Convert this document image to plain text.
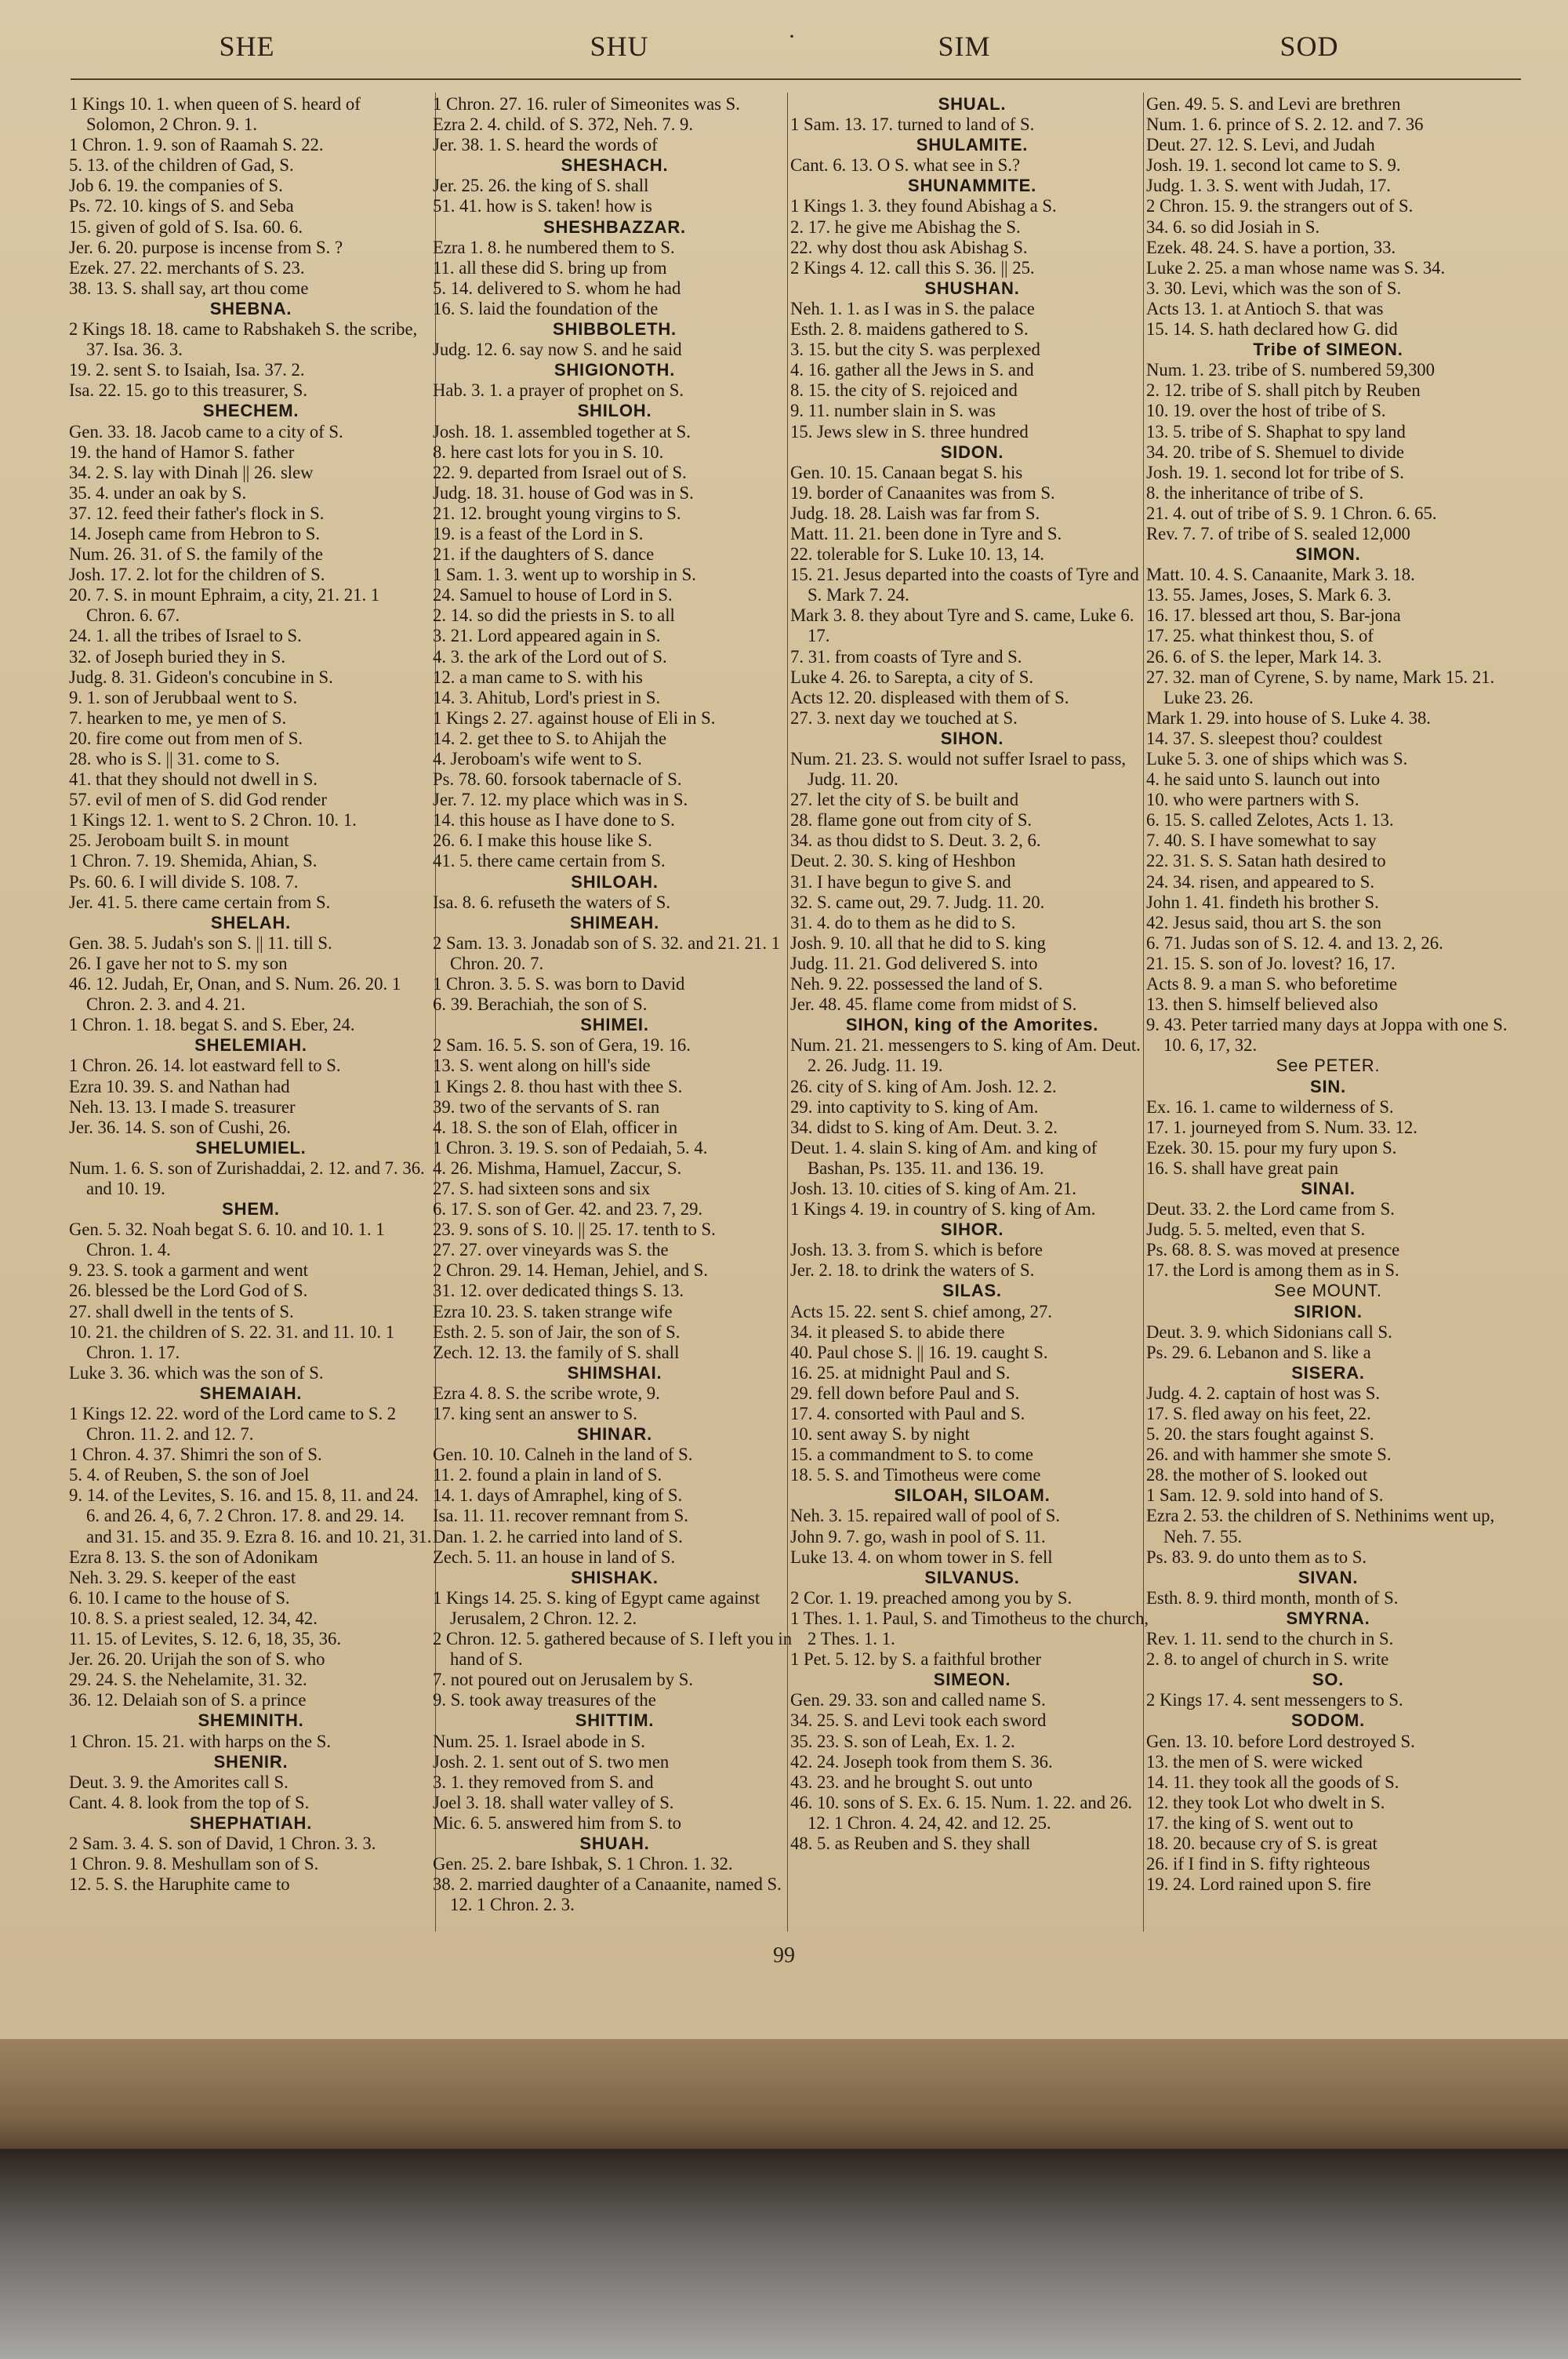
SHE	SHU	SIM	SOD
·
1 Kings 10. 1. when queen of S. heard of Solomon, 2 Chron. 9. 1.
1 Chron. 1. 9. son of Raamah S. 22.
5. 13. of the children of Gad, S.
Job 6. 19. the companies of S.
Ps. 72. 10. kings of S. and Seba
15. given of gold of S. Isa. 60. 6.
Jer. 6. 20. purpose is incense from S. ?
Ezek. 27. 22. merchants of S. 23.
38. 13. S. shall say, art thou come
SHEBNA.
2 Kings 18. 18. came to Rabshakeh S. the scribe, 37. Isa. 36. 3.
19. 2. sent S. to Isaiah, Isa. 37. 2.
Isa. 22. 15. go to this treasurer, S.
SHECHEM.
Gen. 33. 18. Jacob came to a city of S.
19. the hand of Hamor S. father
34. 2. S. lay with Dinah || 26. slew
35. 4. under an oak by S.
37. 12. feed their father's flock in S.
14. Joseph came from Hebron to S.
Num. 26. 31. of S. the family of the
Josh. 17. 2. lot for the children of S.
20. 7. S. in mount Ephraim, a city, 21. 21. 1 Chron. 6. 67.
24. 1. all the tribes of Israel to S.
32. of Joseph buried they in S.
Judg. 8. 31. Gideon's concubine in S.
9. 1. son of Jerubbaal went to S.
7. hearken to me, ye men of S.
20. fire come out from men of S.
28. who is S. || 31. come to S.
41. that they should not dwell in S.
57. evil of men of S. did God render
1 Kings 12. 1. went to S. 2 Chron. 10. 1.
25. Jeroboam built S. in mount
1 Chron. 7. 19. Shemida, Ahian, S.
Ps. 60. 6. I will divide S. 108. 7.
Jer. 41. 5. there came certain from S.
SHELAH.
Gen. 38. 5. Judah's son S. || 11. till S.
26. I gave her not to S. my son
46. 12. Judah, Er, Onan, and S. Num. 26. 20. 1 Chron. 2. 3. and 4. 21.
1 Chron. 1. 18. begat S. and S. Eber, 24.
SHELEMIAH.
1 Chron. 26. 14. lot eastward fell to S.
Ezra 10. 39. S. and Nathan had
Neh. 13. 13. I made S. treasurer
Jer. 36. 14. S. son of Cushi, 26.
SHELUMIEL.
Num. 1. 6. S. son of Zurishaddai, 2. 12. and 7. 36. and 10. 19.
SHEM.
Gen. 5. 32. Noah begat S. 6. 10. and 10. 1. 1 Chron. 1. 4.
9. 23. S. took a garment and went
26. blessed be the Lord God of S.
27. shall dwell in the tents of S.
10. 21. the children of S. 22. 31. and 11. 10. 1 Chron. 1. 17.
Luke 3. 36. which was the son of S.
SHEMAIAH.
1 Kings 12. 22. word of the Lord came to S. 2 Chron. 11. 2. and 12. 7.
1 Chron. 4. 37. Shimri the son of S.
5. 4. of Reuben, S. the son of Joel
9. 14. of the Levites, S. 16. and 15. 8, 11. and 24. 6. and 26. 4, 6, 7. 2 Chron. 17. 8. and 29. 14. and 31. 15. and 35. 9. Ezra 8. 16. and 10. 21, 31.
Ezra 8. 13. S. the son of Adonikam
Neh. 3. 29. S. keeper of the east
6. 10. I came to the house of S.
10. 8. S. a priest sealed, 12. 34, 42.
11. 15. of Levites, S. 12. 6, 18, 35, 36.
Jer. 26. 20. Urijah the son of S. who
29. 24. S. the Nehelamite, 31. 32.
36. 12. Delaiah son of S. a prince
SHEMINITH.
1 Chron. 15. 21. with harps on the S.
SHENIR.
Deut. 3. 9. the Amorites call S.
Cant. 4. 8. look from the top of S.
SHEPHATIAH.
2 Sam. 3. 4. S. son of David, 1 Chron. 3. 3.
1 Chron. 9. 8. Meshullam son of S.
12. 5. S. the Haruphite came to
1 Chron. 27. 16. ruler of Simeonites was S.
Ezra 2. 4. child. of S. 372, Neh. 7. 9.
Jer. 38. 1. S. heard the words of
SHESHACH.
Jer. 25. 26. the king of S. shall
51. 41. how is S. taken! how is
SHESHBAZZAR.
Ezra 1. 8. he numbered them to S.
11. all these did S. bring up from
5. 14. delivered to S. whom he had
16. S. laid the foundation of the
SHIBBOLETH.
Judg. 12. 6. say now S. and he said
SHIGIONOTH.
Hab. 3. 1. a prayer of prophet on S.
SHILOH.
Josh. 18. 1. assembled together at S.
8. here cast lots for you in S. 10.
22. 9. departed from Israel out of S.
Judg. 18. 31. house of God was in S.
21. 12. brought young virgins to S.
19. is a feast of the Lord in S.
21. if the daughters of S. dance
1 Sam. 1. 3. went up to worship in S.
24. Samuel to house of Lord in S.
2. 14. so did the priests in S. to all
3. 21. Lord appeared again in S.
4. 3. the ark of the Lord out of S.
12. a man came to S. with his
14. 3. Ahitub, Lord's priest in S.
1 Kings 2. 27. against house of Eli in S.
14. 2. get thee to S. to Ahijah the
4. Jeroboam's wife went to S.
Ps. 78. 60. forsook tabernacle of S.
Jer. 7. 12. my place which was in S.
14. this house as I have done to S.
26. 6. I make this house like S.
41. 5. there came certain from S.
SHILOAH.
Isa. 8. 6. refuseth the waters of S.
SHIMEAH.
2 Sam. 13. 3. Jonadab son of S. 32. and 21. 21. 1 Chron. 20. 7.
1 Chron. 3. 5. S. was born to David
6. 39. Berachiah, the son of S.
SHIMEI.
2 Sam. 16. 5. S. son of Gera, 19. 16.
13. S. went along on hill's side
1 Kings 2. 8. thou hast with thee S.
39. two of the servants of S. ran
4. 18. S. the son of Elah, officer in
1 Chron. 3. 19. S. son of Pedaiah, 5. 4.
4. 26. Mishma, Hamuel, Zaccur, S.
27. S. had sixteen sons and six
6. 17. S. son of Ger. 42. and 23. 7, 29.
23. 9. sons of S. 10. || 25. 17. tenth to S.
27. 27. over vineyards was S. the
2 Chron. 29. 14. Heman, Jehiel, and S.
31. 12. over dedicated things S. 13.
Ezra 10. 23. S. taken strange wife
Esth. 2. 5. son of Jair, the son of S.
Zech. 12. 13. the family of S. shall
SHIMSHAI.
Ezra 4. 8. S. the scribe wrote, 9.
17. king sent an answer to S.
SHINAR.
Gen. 10. 10. Calneh in the land of S.
11. 2. found a plain in land of S.
14. 1. days of Amraphel, king of S.
Isa. 11. 11. recover remnant from S.
Dan. 1. 2. he carried into land of S.
Zech. 5. 11. an house in land of S.
SHISHAK.
1 Kings 14. 25. S. king of Egypt came against Jerusalem, 2 Chron. 12. 2.
2 Chron. 12. 5. gathered because of S. I left you in hand of S.
7. not poured out on Jerusalem by S.
9. S. took away treasures of the
SHITTIM.
Num. 25. 1. Israel abode in S.
Josh. 2. 1. sent out of S. two men
3. 1. they removed from S. and
Joel 3. 18. shall water valley of S.
Mic. 6. 5. answered him from S. to
SHUAH.
Gen. 25. 2. bare Ishbak, S. 1 Chron. 1. 32.
38. 2. married daughter of a Canaanite, named S. 12. 1 Chron. 2. 3.
SHUAL.
1 Sam. 13. 17. turned to land of S.
SHULAMITE.
Cant. 6. 13. O S. what see in S.?
SHUNAMMITE.
1 Kings 1. 3. they found Abishag a S.
2. 17. he give me Abishag the S.
22. why dost thou ask Abishag S.
2 Kings 4. 12. call this S. 36. || 25.
SHUSHAN.
Neh. 1. 1. as I was in S. the palace
Esth. 2. 8. maidens gathered to S.
3. 15. but the city S. was perplexed
4. 16. gather all the Jews in S. and
8. 15. the city of S. rejoiced and
9. 11. number slain in S. was
15. Jews slew in S. three hundred
SIDON.
Gen. 10. 15. Canaan begat S. his
19. border of Canaanites was from S.
Judg. 18. 28. Laish was far from S.
Matt. 11. 21. been done in Tyre and S.
22. tolerable for S. Luke 10. 13, 14.
15. 21. Jesus departed into the coasts of Tyre and S. Mark 7. 24.
Mark 3. 8. they about Tyre and S. came, Luke 6. 17.
7. 31. from coasts of Tyre and S.
Luke 4. 26. to Sarepta, a city of S.
Acts 12. 20. displeased with them of S.
27. 3. next day we touched at S.
SIHON.
Num. 21. 23. S. would not suffer Israel to pass, Judg. 11. 20.
27. let the city of S. be built and
28. flame gone out from city of S.
34. as thou didst to S. Deut. 3. 2, 6.
Deut. 2. 30. S. king of Heshbon
31. I have begun to give S. and
32. S. came out, 29. 7. Judg. 11. 20.
31. 4. do to them as he did to S.
Josh. 9. 10. all that he did to S. king
Judg. 11. 21. God delivered S. into
Neh. 9. 22. possessed the land of S.
Jer. 48. 45. flame come from midst of S.
SIHON, king of the Amorites.
Num. 21. 21. messengers to S. king of Am. Deut. 2. 26. Judg. 11. 19.
26. city of S. king of Am. Josh. 12. 2.
29. into captivity to S. king of Am.
34. didst to S. king of Am. Deut. 3. 2.
Deut. 1. 4. slain S. king of Am. and king of Bashan, Ps. 135. 11. and 136. 19.
Josh. 13. 10. cities of S. king of Am. 21.
1 Kings 4. 19. in country of S. king of Am.
SIHOR.
Josh. 13. 3. from S. which is before
Jer. 2. 18. to drink the waters of S.
SILAS.
Acts 15. 22. sent S. chief among, 27.
34. it pleased S. to abide there
40. Paul chose S. || 16. 19. caught S.
16. 25. at midnight Paul and S.
29. fell down before Paul and S.
17. 4. consorted with Paul and S.
10. sent away S. by night
15. a commandment to S. to come
18. 5. S. and Timotheus were come
SILOAH, SILOAM.
Neh. 3. 15. repaired wall of pool of S.
John 9. 7. go, wash in pool of S. 11.
Luke 13. 4. on whom tower in S. fell
SILVANUS.
2 Cor. 1. 19. preached among you by S.
1 Thes. 1. 1. Paul, S. and Timotheus to the church, 2 Thes. 1. 1.
1 Pet. 5. 12. by S. a faithful brother
SIMEON.
Gen. 29. 33. son and called name S.
34. 25. S. and Levi took each sword
35. 23. S. son of Leah, Ex. 1. 2.
42. 24. Joseph took from them S. 36.
43. 23. and he brought S. out unto
46. 10. sons of S. Ex. 6. 15. Num. 1. 22. and 26. 12. 1 Chron. 4. 24, 42. and 12. 25.
48. 5. as Reuben and S. they shall
Gen. 49. 5. S. and Levi are brethren
Num. 1. 6. prince of S. 2. 12. and 7. 36
Deut. 27. 12. S. Levi, and Judah
Josh. 19. 1. second lot came to S. 9.
Judg. 1. 3. S. went with Judah, 17.
2 Chron. 15. 9. the strangers out of S.
34. 6. so did Josiah in S.
Ezek. 48. 24. S. have a portion, 33.
Luke 2. 25. a man whose name was S. 34.
3. 30. Levi, which was the son of S.
Acts 13. 1. at Antioch S. that was
15. 14. S. hath declared how G. did
Tribe of SIMEON.
Num. 1. 23. tribe of S. numbered 59,300
2. 12. tribe of S. shall pitch by Reuben
10. 19. over the host of tribe of S.
13. 5. tribe of S. Shaphat to spy land
34. 20. tribe of S. Shemuel to divide
Josh. 19. 1. second lot for tribe of S.
8. the inheritance of tribe of S.
21. 4. out of tribe of S. 9. 1 Chron. 6. 65.
Rev. 7. 7. of tribe of S. sealed 12,000
SIMON.
Matt. 10. 4. S. Canaanite, Mark 3. 18.
13. 55. James, Joses, S. Mark 6. 3.
16. 17. blessed art thou, S. Bar-jona
17. 25. what thinkest thou, S. of
26. 6. of S. the leper, Mark 14. 3.
27. 32. man of Cyrene, S. by name, Mark 15. 21. Luke 23. 26.
Mark 1. 29. into house of S. Luke 4. 38.
14. 37. S. sleepest thou? couldest
Luke 5. 3. one of ships which was S.
4. he said unto S. launch out into
10. who were partners with S.
6. 15. S. called Zelotes, Acts 1. 13.
7. 40. S. I have somewhat to say
22. 31. S. S. Satan hath desired to
24. 34. risen, and appeared to S.
John 1. 41. findeth his brother S.
42. Jesus said, thou art S. the son
6. 71. Judas son of S. 12. 4. and 13. 2, 26.
21. 15. S. son of Jo. lovest? 16, 17.
Acts 8. 9. a man S. who beforetime
13. then S. himself believed also
9. 43. Peter tarried many days at Joppa with one S. 10. 6, 17, 32.
See PETER.
SIN.
Ex. 16. 1. came to wilderness of S.
17. 1. journeyed from S. Num. 33. 12.
Ezek. 30. 15. pour my fury upon S.
16. S. shall have great pain
SINAI.
Deut. 33. 2. the Lord came from S.
Judg. 5. 5. melted, even that S.
Ps. 68. 8. S. was moved at presence
17. the Lord is among them as in S.
See MOUNT.
SIRION.
Deut. 3. 9. which Sidonians call S.
Ps. 29. 6. Lebanon and S. like a
SISERA.
Judg. 4. 2. captain of host was S.
17. S. fled away on his feet, 22.
5. 20. the stars fought against S.
26. and with hammer she smote S.
28. the mother of S. looked out
1 Sam. 12. 9. sold into hand of S.
Ezra 2. 53. the children of S. Nethinims went up, Neh. 7. 55.
Ps. 83. 9. do unto them as to S.
SIVAN.
Esth. 8. 9. third month, month of S.
SMYRNA.
Rev. 1. 11. send to the church in S.
2. 8. to angel of church in S. write
SO.
2 Kings 17. 4. sent messengers to S.
SODOM.
Gen. 13. 10. before Lord destroyed S.
13. the men of S. were wicked
14. 11. they took all the goods of S.
12. they took Lot who dwelt in S.
17. the king of S. went out to
18. 20. because cry of S. is great
26. if I find in S. fifty righteous
19. 24. Lord rained upon S. fire
99
